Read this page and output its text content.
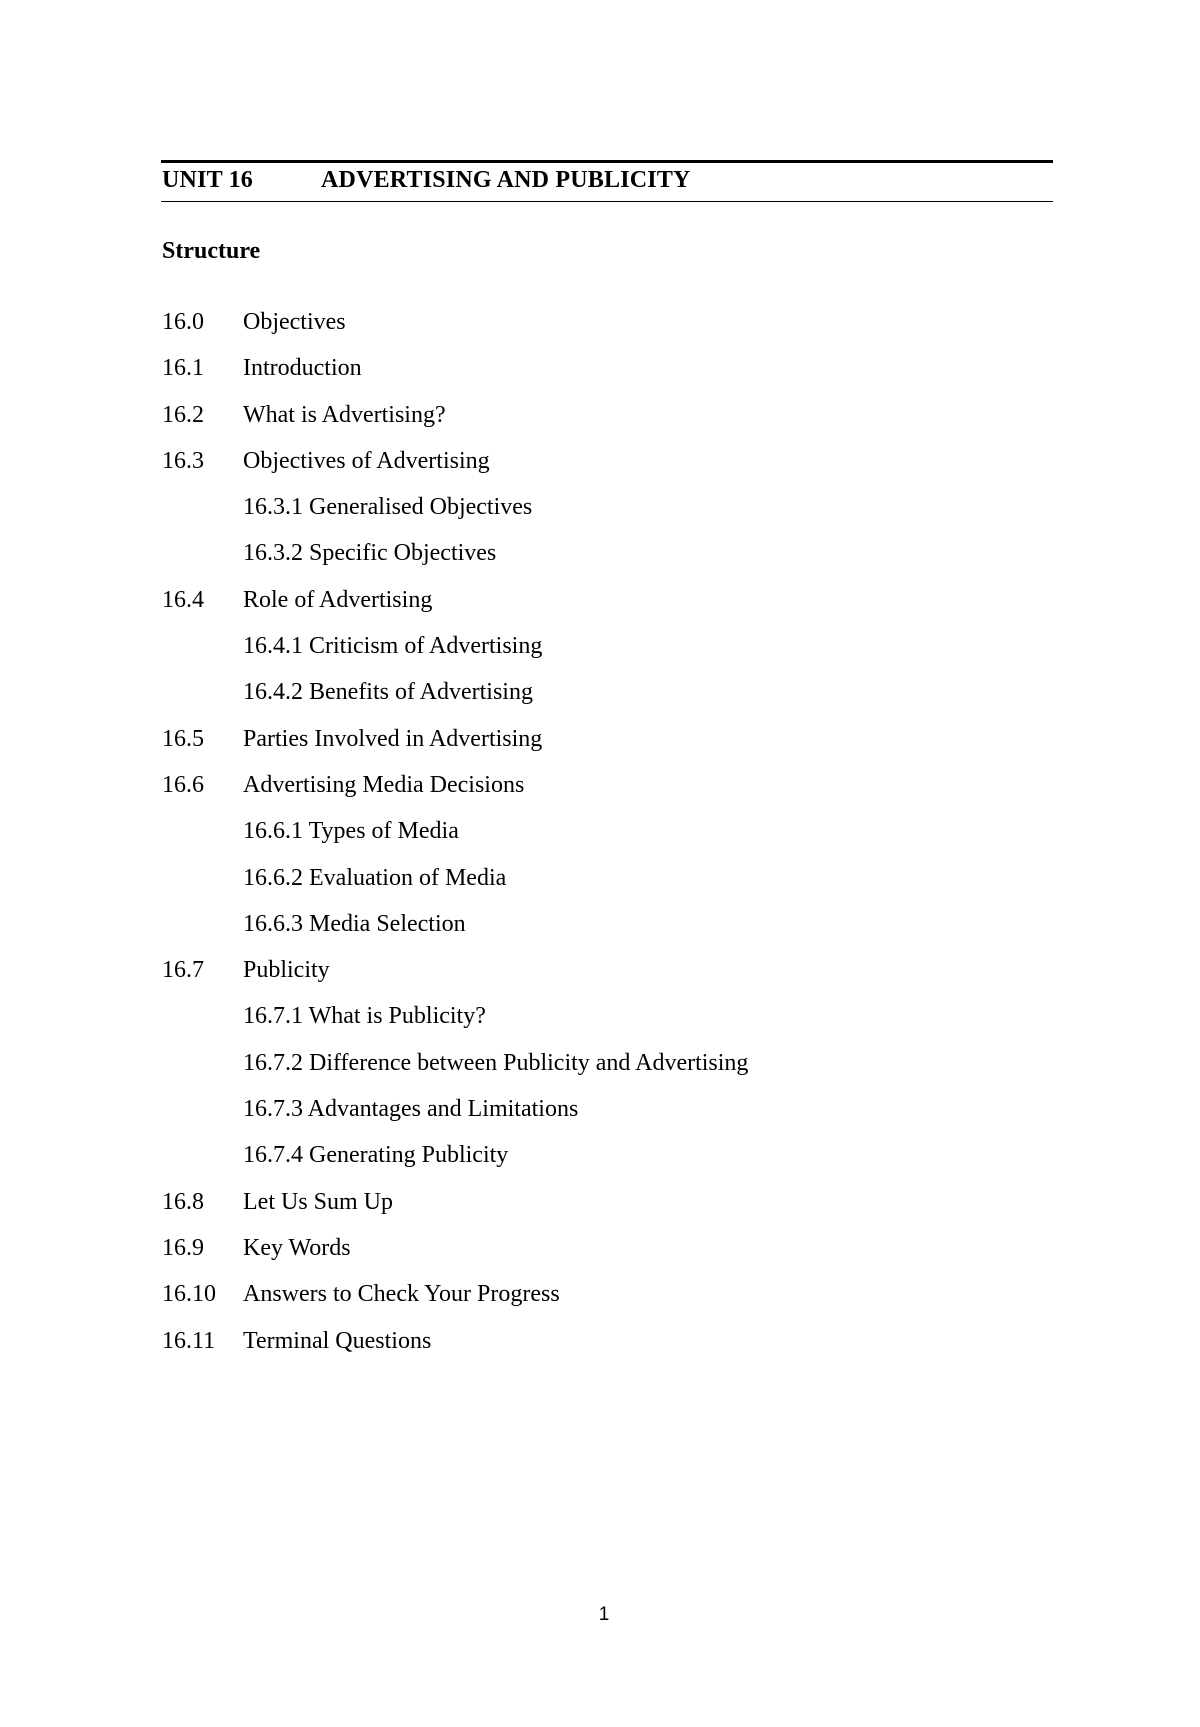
UNIT 16	ADVERTISING AND PUBLICITY
Structure
16.0 Objectives
16.1 Introduction
16.2 What is Advertising?
16.3 Objectives of Advertising
16.3.1 Generalised Objectives
16.3.2 Specific Objectives
16.4 Role of Advertising
16.4.1 Criticism of Advertising
16.4.2 Benefits of Advertising
16.5 Parties Involved in Advertising
16.6 Advertising Media Decisions
16.6.1 Types of Media
16.6.2 Evaluation of Media
16.6.3 Media Selection
16.7 Publicity
16.7.1 What is Publicity?
16.7.2 Difference between Publicity and Advertising
16.7.3 Advantages and Limitations
16.7.4 Generating Publicity
16.8 Let Us Sum Up
16.9 Key Words
16.10 Answers to Check Your Progress
16.11 Terminal Questions
1
